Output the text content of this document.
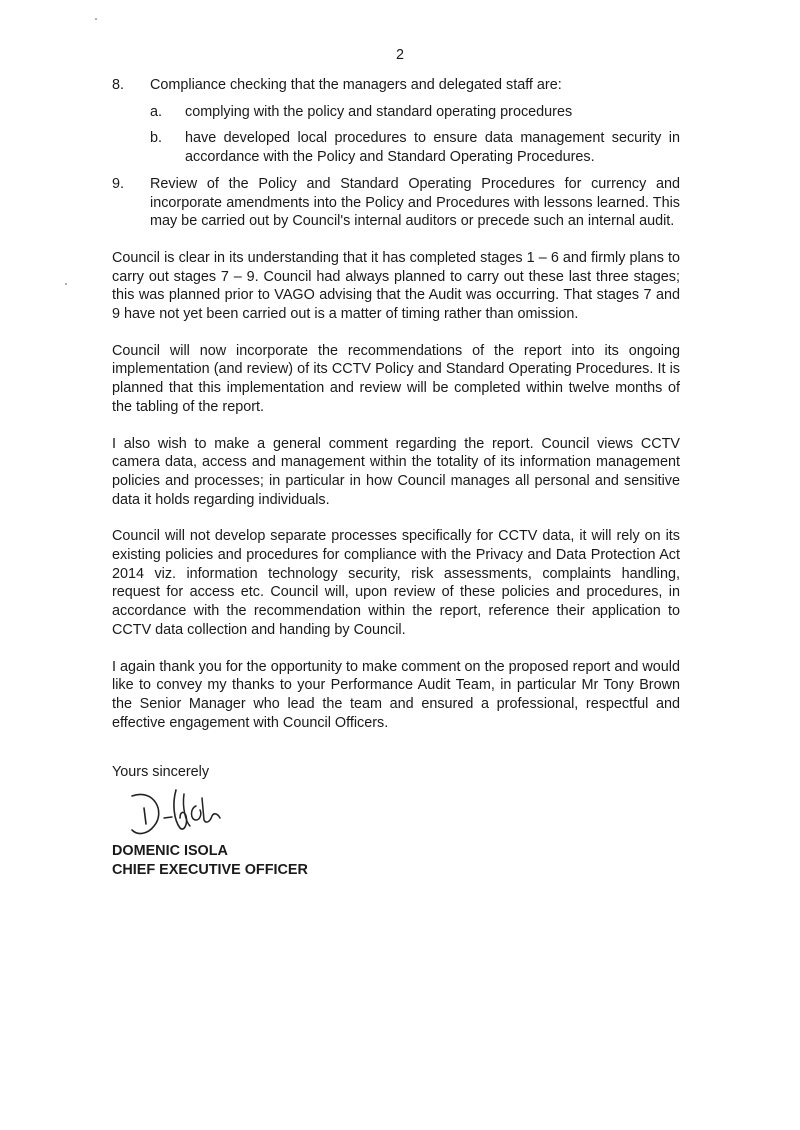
2
8. Compliance checking that the managers and delegated staff are:
a. complying with the policy and standard operating procedures
b. have developed local procedures to ensure data management security in accordance with the Policy and Standard Operating Procedures.
9. Review of the Policy and Standard Operating Procedures for currency and incorporate amendments into the Policy and Procedures with lessons learned. This may be carried out by Council's internal auditors or precede such an internal audit.

Council is clear in its understanding that it has completed stages 1 – 6 and firmly plans to carry out stages 7 – 9. Council had always planned to carry out these last three stages; this was planned prior to VAGO advising that the Audit was occurring. That stages 7 and 9 have not yet been carried out is a matter of timing rather than omission.

Council will now incorporate the recommendations of the report into its ongoing implementation (and review) of its CCTV Policy and Standard Operating Procedures. It is planned that this implementation and review will be completed within twelve months of the tabling of the report.

I also wish to make a general comment regarding the report. Council views CCTV camera data, access and management within the totality of its information management policies and processes; in particular in how Council manages all personal and sensitive data it holds regarding individuals.

Council will not develop separate processes specifically for CCTV data, it will rely on its existing policies and procedures for compliance with the Privacy and Data Protection Act 2014 viz. information technology security, risk assessments, complaints handling, request for access etc. Council will, upon review of these policies and procedures, in accordance with the recommendation within the report, reference their application to CCTV data collection and handing by Council.

I again thank you for the opportunity to make comment on the proposed report and would like to convey my thanks to your Performance Audit Team, in particular Mr Tony Brown the Senior Manager who lead the team and ensured a professional, respectful and effective engagement with Council Officers.

Yours sincerely
DOMENIC ISOLA
CHIEF EXECUTIVE OFFICER
